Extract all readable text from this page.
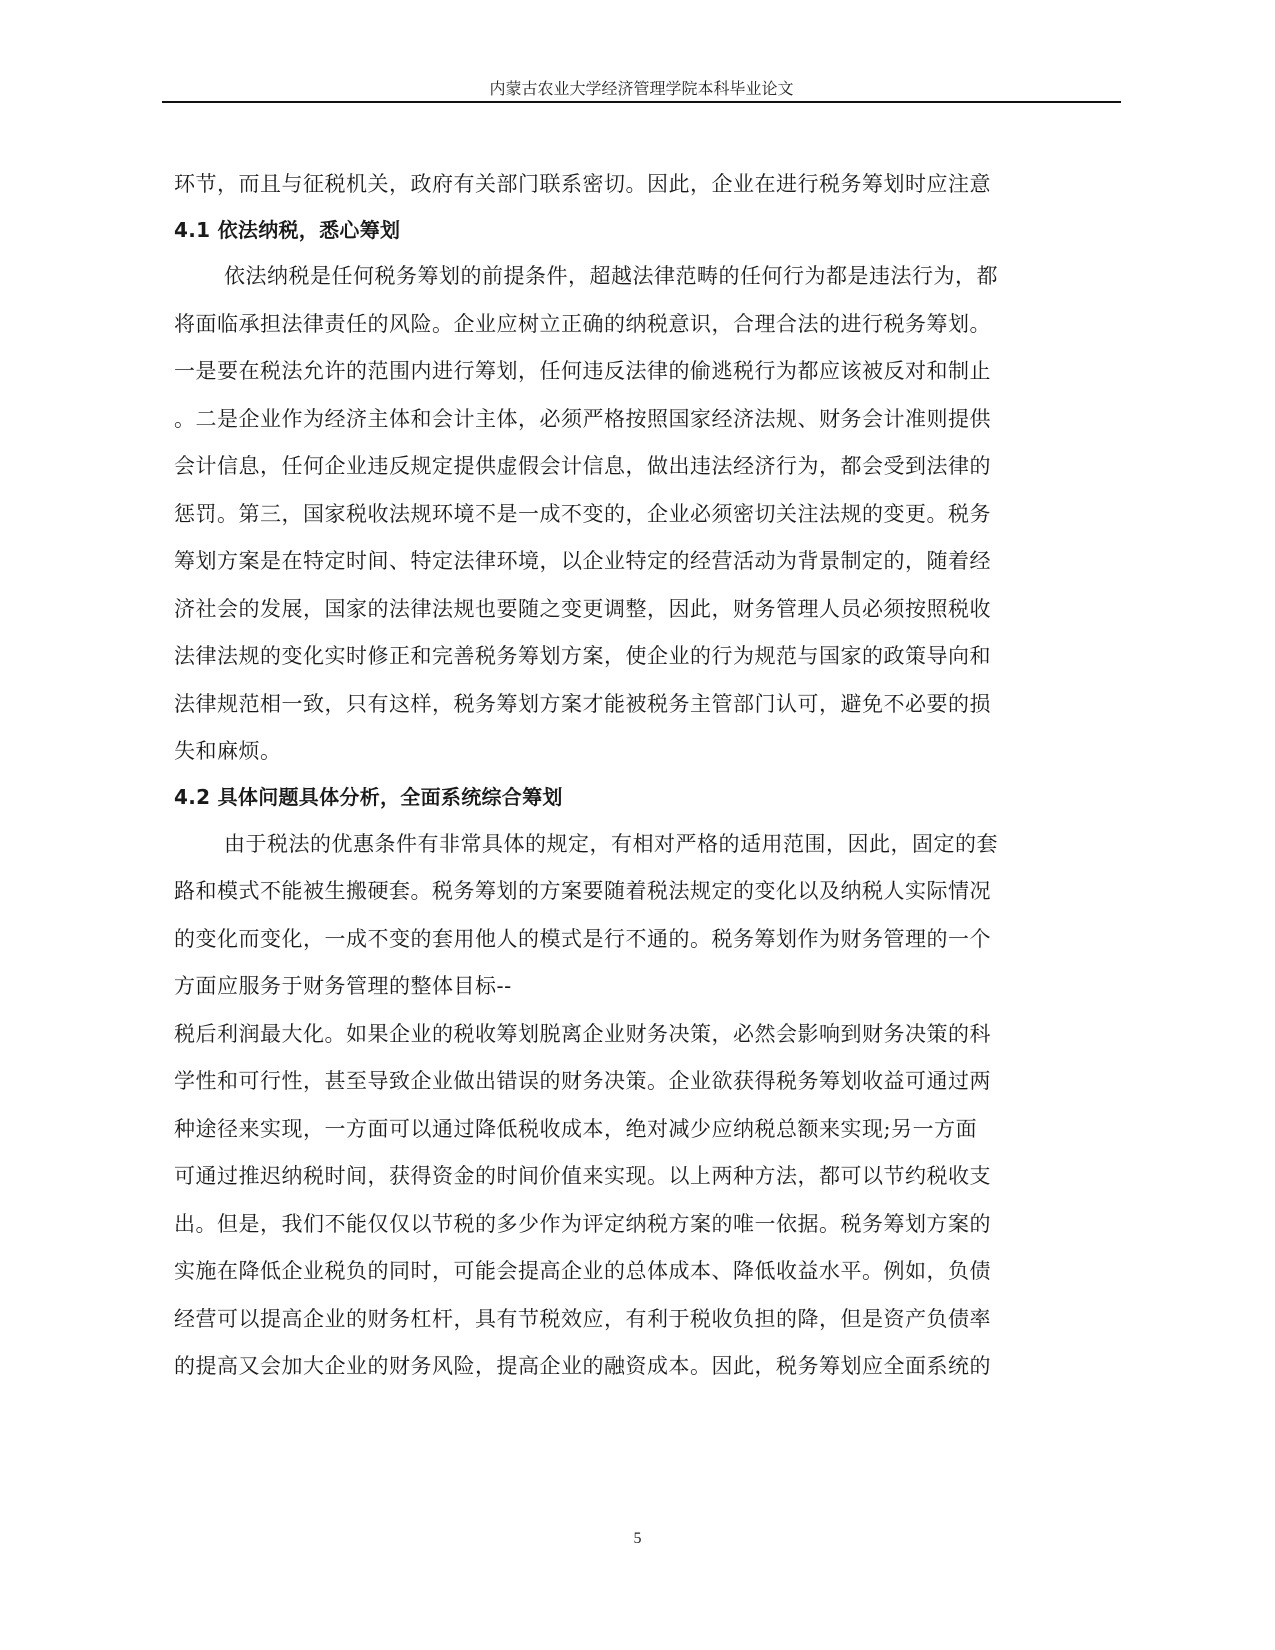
内蒙古农业大学经济管理学院本科毕业论文
环节，而且与征税机关，政府有关部门联系密切。因此，企业在进行税务筹划时应注意
4.1 依法纳税，悉心筹划
依法纳税是任何税务筹划的前提条件，超越法律范畴的任何行为都是违法行为，都
将面临承担法律责任的风险。企业应树立正确的纳税意识，合理合法的进行税务筹划。
一是要在税法允许的范围内进行筹划，任何违反法律的偷逃税行为都应该被反对和制止
。二是企业作为经济主体和会计主体，必须严格按照国家经济法规、财务会计准则提供
会计信息，任何企业违反规定提供虚假会计信息，做出违法经济行为，都会受到法律的
惩罚。第三，国家税收法规环境不是一成不变的，企业必须密切关注法规的变更。税务
筹划方案是在特定时间、特定法律环境，以企业特定的经营活动为背景制定的，随着经
济社会的发展，国家的法律法规也要随之变更调整，因此，财务管理人员必须按照税收
法律法规的变化实时修正和完善税务筹划方案，使企业的行为规范与国家的政策导向和
法律规范相一致，只有这样，税务筹划方案才能被税务主管部门认可，避免不必要的损
失和麻烦。
4.2 具体问题具体分析，全面系统综合筹划
由于税法的优惠条件有非常具体的规定，有相对严格的适用范围，因此，固定的套
路和模式不能被生搬硬套。税务筹划的方案要随着税法规定的变化以及纳税人实际情况
的变化而变化，一成不变的套用他人的模式是行不通的。税务筹划作为财务管理的一个
方面应服务于财务管理的整体目标--
税后利润最大化。如果企业的税收筹划脱离企业财务决策，必然会影响到财务决策的科
学性和可行性，甚至导致企业做出错误的财务决策。企业欲获得税务筹划收益可通过两
种途径来实现，一方面可以通过降低税收成本，绝对减少应纳税总额来实现;另一方面
可通过推迟纳税时间，获得资金的时间价值来实现。以上两种方法，都可以节约税收支
出。但是，我们不能仅仅以节税的多少作为评定纳税方案的唯一依据。税务筹划方案的
实施在降低企业税负的同时，可能会提高企业的总体成本、降低收益水平。例如，负债
经营可以提高企业的财务杠杆，具有节税效应，有利于税收负担的降，但是资产负债率
的提高又会加大企业的财务风险，提高企业的融资成本。因此，税务筹划应全面系统的
5
